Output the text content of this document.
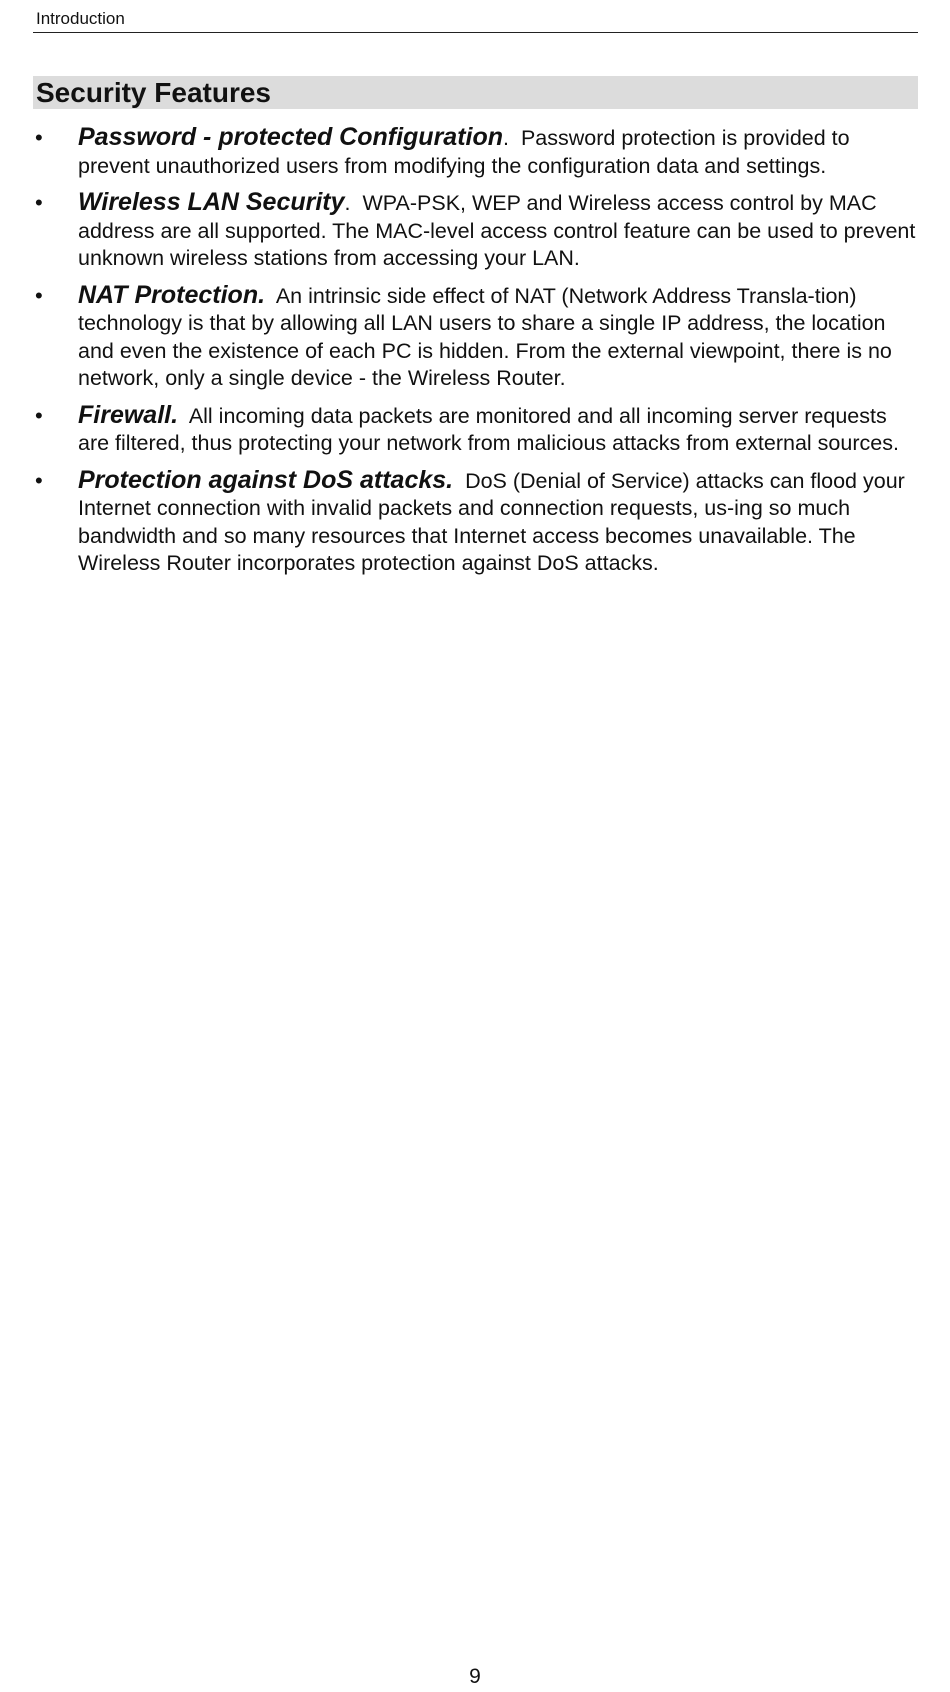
Introduction
Security Features
• Password - protected Configuration. Password protection is provided to prevent unauthorized users from modifying the configuration data and settings.
• Wireless LAN Security. WPA-PSK, WEP and Wireless access control by MAC address are all supported. The MAC-level access control feature can be used to prevent unknown wireless stations from accessing your LAN.
• NAT Protection. An intrinsic side effect of NAT (Network Address Transla-tion) technology is that by allowing all LAN users to share a single IP address, the location and even the existence of each PC is hidden. From the external viewpoint, there is no network, only a single device - the Wireless Router.
• Firewall. All incoming data packets are monitored and all incoming server requests are filtered, thus protecting your network from malicious attacks from external sources.
• Protection against DoS attacks. DoS (Denial of Service) attacks can flood your Internet connection with invalid packets and connection requests, us-ing so much bandwidth and so many resources that Internet access becomes unavailable. The Wireless Router incorporates protection against DoS attacks.
9
